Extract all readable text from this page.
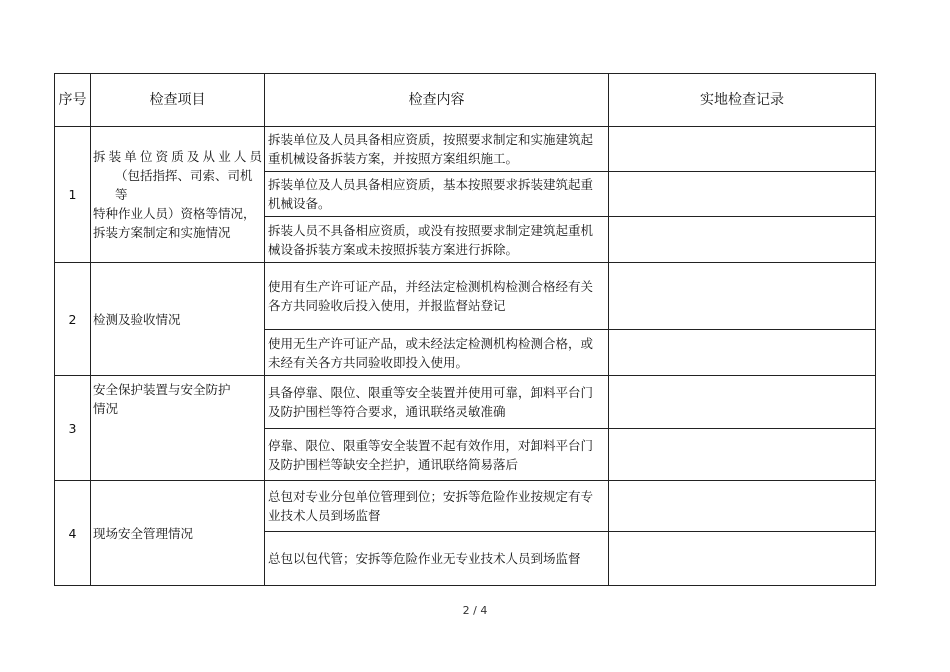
序号	检查项目	检查内容	实地检查记录
1	拆装单位资质及从业人员
（包括指挥、司索、司机等
特种作业人员）资格等情况，
拆装方案制定和实施情况	拆装单位及人员具备相应资质，按照要求制定和实施建筑起重机械设备拆装方案，并按照方案组织施工。	
		拆装单位及人员具备相应资质，基本按照要求拆装建筑起重机械设备。	
		拆装人员不具备相应资质，或没有按照要求制定建筑起重机械设备拆装方案或未按照拆装方案进行拆除。	
2	检测及验收情况	使用有生产许可证产品，并经法定检测机构检测合格经有关各方共同验收后投入使用，并报监督站登记	
		使用无生产许可证产品，或未经法定检测机构检测合格，或未经有关各方共同验收即投入使用。	
3	安全保护装置与安全防护
情况	具备停靠、限位、限重等安全装置并使用可靠，卸料平台门及防护围栏等符合要求，通讯联络灵敏准确	
		停靠、限位、限重等安全装置不起有效作用，对卸料平台门及防护围栏等缺安全拦护，通讯联络简易落后	
4	现场安全管理情况	总包对专业分包单位管理到位；安拆等危险作业按规定有专业技术人员到场监督	
		总包以包代管；安拆等危险作业无专业技术人员到场监督	
2 / 4
